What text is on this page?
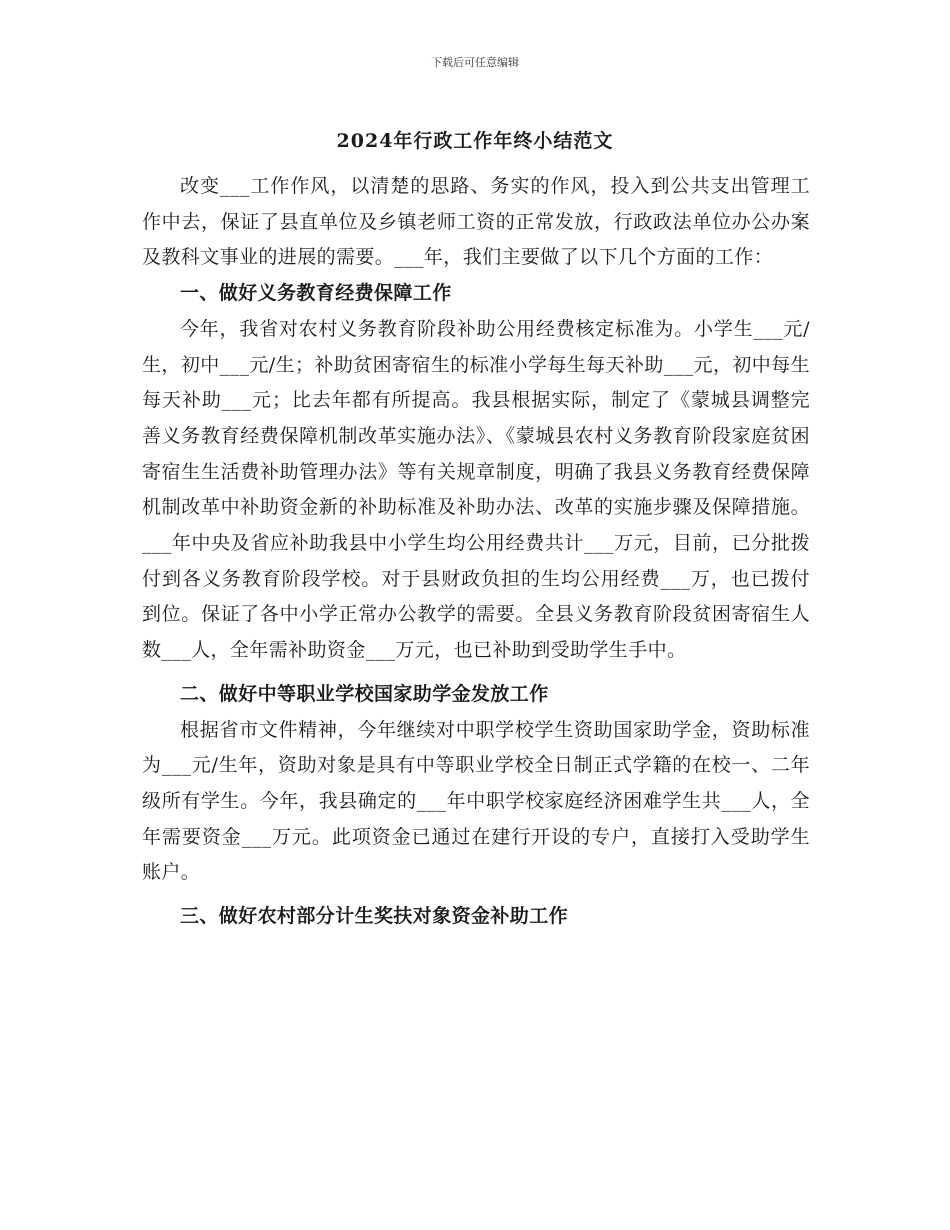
下载后可任意编辑
2024年行政工作年终小结范文

改变___工作作风，以清楚的思路、务实的作风，投入到公共支出管理工作中去，保证了县直单位及乡镇老师工资的正常发放，行政政法单位办公办案及教科文事业的进展的需要。___年，我们主要做了以下几个方面的工作：

一、做好义务教育经费保障工作

今年，我省对农村义务教育阶段补助公用经费核定标准为。小学生___元/生，初中___元/生；补助贫困寄宿生的标准小学每生每天补助___元，初中每生每天补助___元；比去年都有所提高。我县根据实际，制定了《蒙城县调整完善义务教育经费保障机制改革实施办法》、《蒙城县农村义务教育阶段家庭贫困寄宿生生活费补助管理办法》等有关规章制度，明确了我县义务教育经费保障机制改革中补助资金新的补助标准及补助办法、改革的实施步骤及保障措施。___年中央及省应补助我县中小学生均公用经费共计___万元，目前，已分批拨付到各义务教育阶段学校。对于县财政负担的生均公用经费___万，也已拨付到位。保证了各中小学正常办公教学的需要。全县义务教育阶段贫困寄宿生人数___人，全年需补助资金___万元，也已补助到受助学生手中。

二、做好中等职业学校国家助学金发放工作

根据省市文件精神，今年继续对中职学校学生资助国家助学金，资助标准为___元/生年，资助对象是具有中等职业学校全日制正式学籍的在校一、二年级所有学生。今年，我县确定的___年中职学校家庭经济困难学生共___人，全年需要资金___万元。此项资金已通过在建行开设的专户，直接打入受助学生账户。

三、做好农村部分计生奖扶对象资金补助工作
